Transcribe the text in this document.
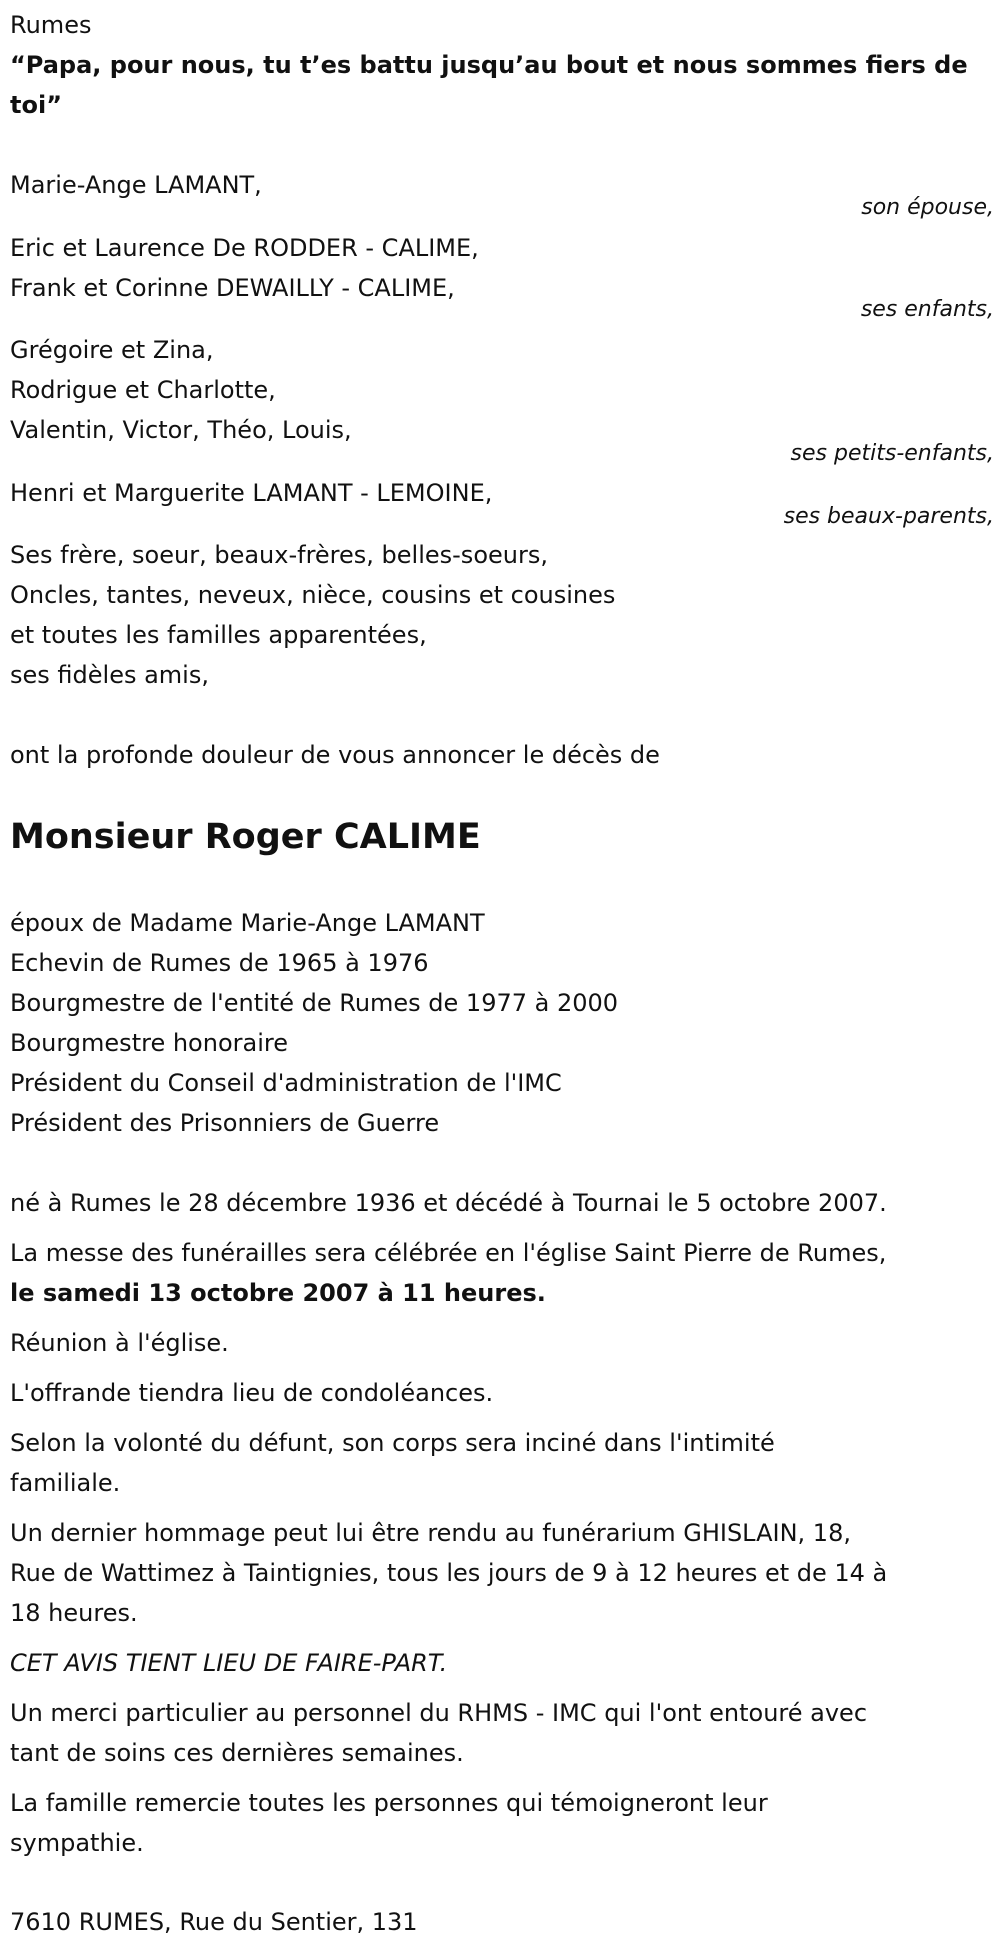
Rumes
“Papa, pour nous, tu t’es battu jusqu’au bout et nous sommes fiers de
toi”
Marie-Ange LAMANT,
son épouse,
Eric et Laurence De RODDER - CALIME,
Frank et Corinne DEWAILLY - CALIME,
ses enfants,
Grégoire et Zina,
Rodrigue et Charlotte,
Valentin, Victor, Théo, Louis,
ses petits-enfants,
Henri et Marguerite LAMANT - LEMOINE,
ses beaux-parents,
Ses frère, soeur, beaux-frères, belles-soeurs,
Oncles, tantes, neveux, nièce, cousins et cousines
et toutes les familles apparentées,
ses fidèles amis,
ont la profonde douleur de vous annoncer le décès de
Monsieur Roger CALIME
époux de Madame Marie-Ange LAMANT
Echevin de Rumes de 1965 à 1976
Bourgmestre de l'entité de Rumes de 1977 à 2000
Bourgmestre honoraire
Président du Conseil d'administration de l'IMC
Président des Prisonniers de Guerre
né à Rumes le 28 décembre 1936 et décédé à Tournai le 5 octobre 2007.
La messe des funérailles sera célébrée en l'église Saint Pierre de Rumes,
le samedi 13 octobre 2007 à 11 heures.
Réunion à l'église.
L'offrande tiendra lieu de condoléances.
Selon la volonté du défunt, son corps sera inciné dans l'intimité
familiale.
Un dernier hommage peut lui être rendu au funérarium GHISLAIN, 18,
Rue de Wattimez à Taintignies, tous les jours de 9 à 12 heures et de 14 à
18 heures.
CET AVIS TIENT LIEU DE FAIRE-PART.
Un merci particulier au personnel du RHMS - IMC qui l'ont entouré avec
tant de soins ces dernières semaines.
La famille remercie toutes les personnes qui témoigneront leur
sympathie.
7610 RUMES, Rue du Sentier, 131
